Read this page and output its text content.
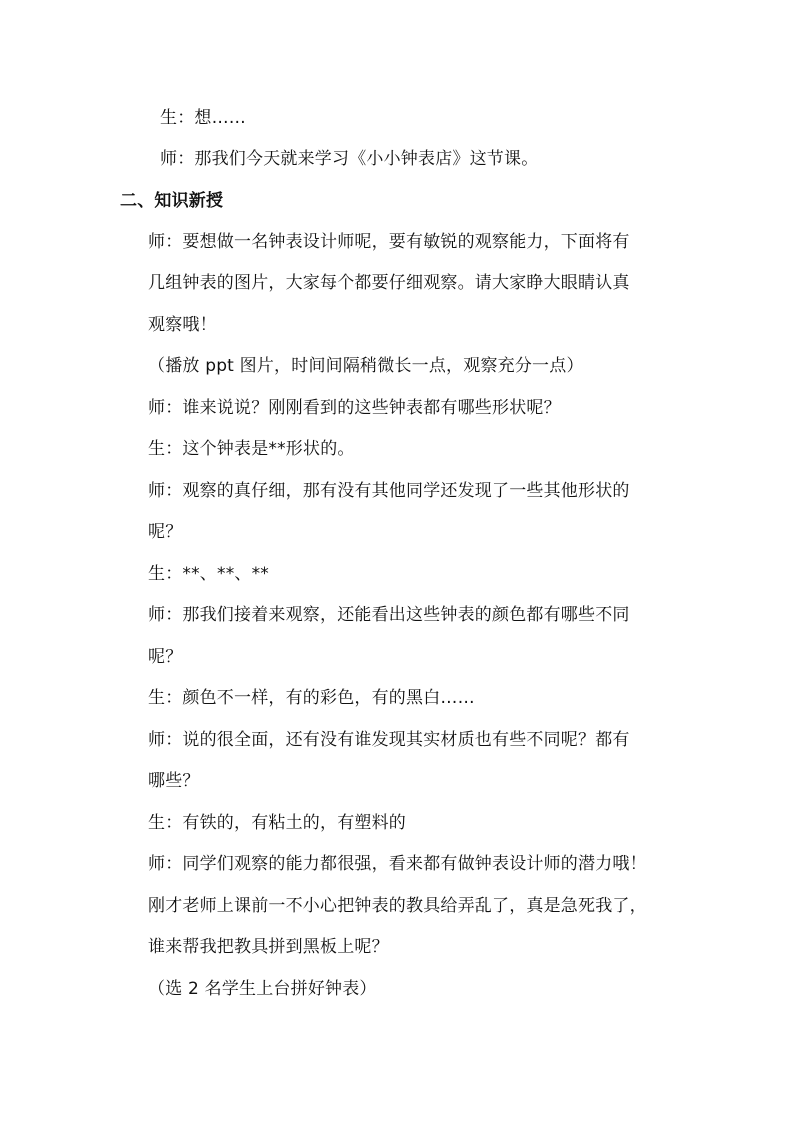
生：想……
师：那我们今天就来学习《小小钟表店》这节课。
二、知识新授
师：要想做一名钟表设计师呢，要有敏锐的观察能力，下面将有
几组钟表的图片，大家每个都要仔细观察。请大家睁大眼睛认真
观察哦！
（播放 ppt 图片，时间间隔稍微长一点，观察充分一点）
师：谁来说说？刚刚看到的这些钟表都有哪些形状呢？
生：这个钟表是**形状的。
师：观察的真仔细，那有没有其他同学还发现了一些其他形状的
呢？
生：**、**、**
师：那我们接着来观察，还能看出这些钟表的颜色都有哪些不同
呢？
生：颜色不一样，有的彩色，有的黑白……
师：说的很全面，还有没有谁发现其实材质也有些不同呢？都有
哪些？
生：有铁的，有粘土的，有塑料的
师：同学们观察的能力都很强，看来都有做钟表设计师的潜力哦！
刚才老师上课前一不小心把钟表的教具给弄乱了，真是急死我了，
谁来帮我把教具拼到黑板上呢？
（选 2 名学生上台拼好钟表）
